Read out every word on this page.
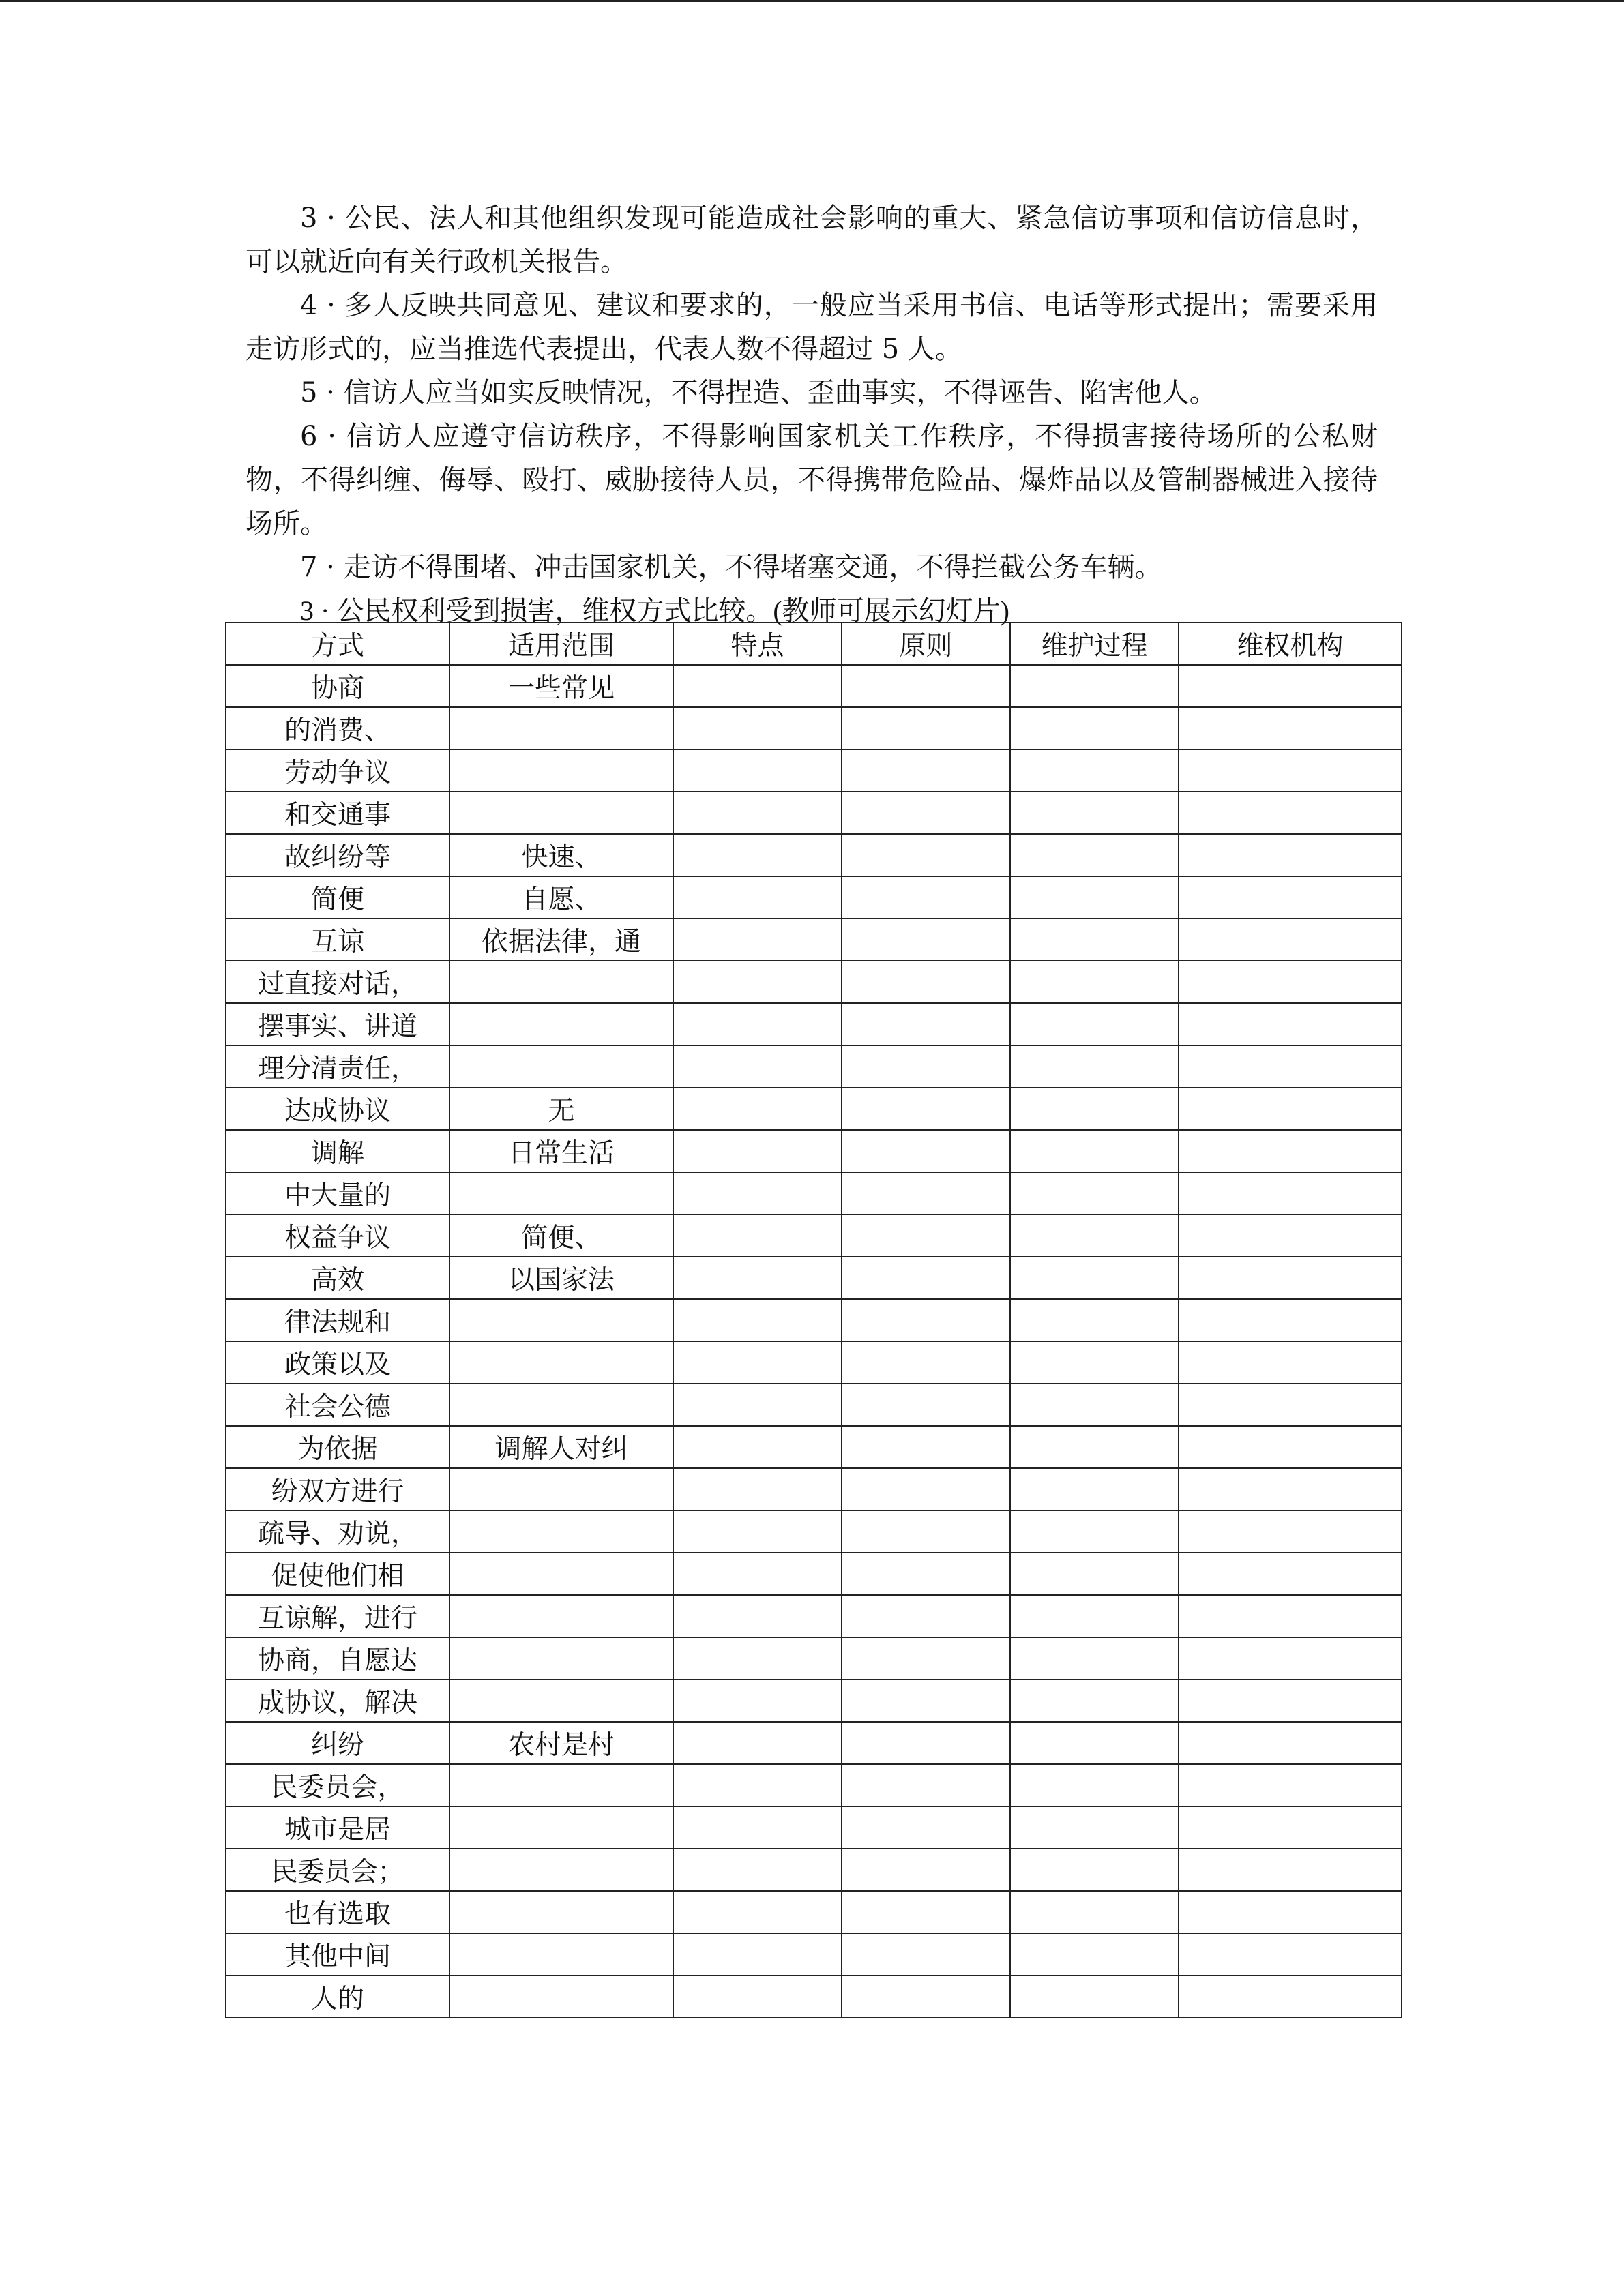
3 · 公民、法人和其他组织发现可能造成社会影响的重大、紧急信访事项和信访信息时，可以就近向有关行政机关报告。

4 · 多人反映共同意见、建议和要求的，一般应当采用书信、电话等形式提出；需要采用走访形式的，应当推选代表提出，代表人数不得超过 5 人。

5 · 信访人应当如实反映情况，不得捏造、歪曲事实，不得诬告、陷害他人。

6 · 信访人应遵守信访秩序，不得影响国家机关工作秩序，不得损害接待场所的公私财物，不得纠缠、侮辱、殴打、威胁接待人员，不得携带危险品、爆炸品以及管制器械进入接待场所。

7 · 走访不得围堵、冲击国家机关，不得堵塞交通，不得拦截公务车辆。

3 · 公民权利受到损害，维权方式比较。(教师可展示幻灯片)

方式	适用范围	特点	原则	维护过程	维权机构
协商	一些常见				
的消费、					
劳动争议					
和交通事					
故纠纷等	快速、				
简便	自愿、				
互谅	依据法律，通				
过直接对话，					
摆事实、讲道					
理分清责任，					
达成协议	无				
调解	日常生活				
中大量的					
权益争议	简便、				
高效	以国家法				
律法规和					
政策以及					
社会公德					
为依据	调解人对纠				
纷双方进行					
疏导、劝说，					
促使他们相					
互谅解，进行					
协商，自愿达					
成协议，解决					
纠纷	农村是村				
民委员会，					
城市是居					
民委员会；					
也有选取					
其他中间					
人的					
